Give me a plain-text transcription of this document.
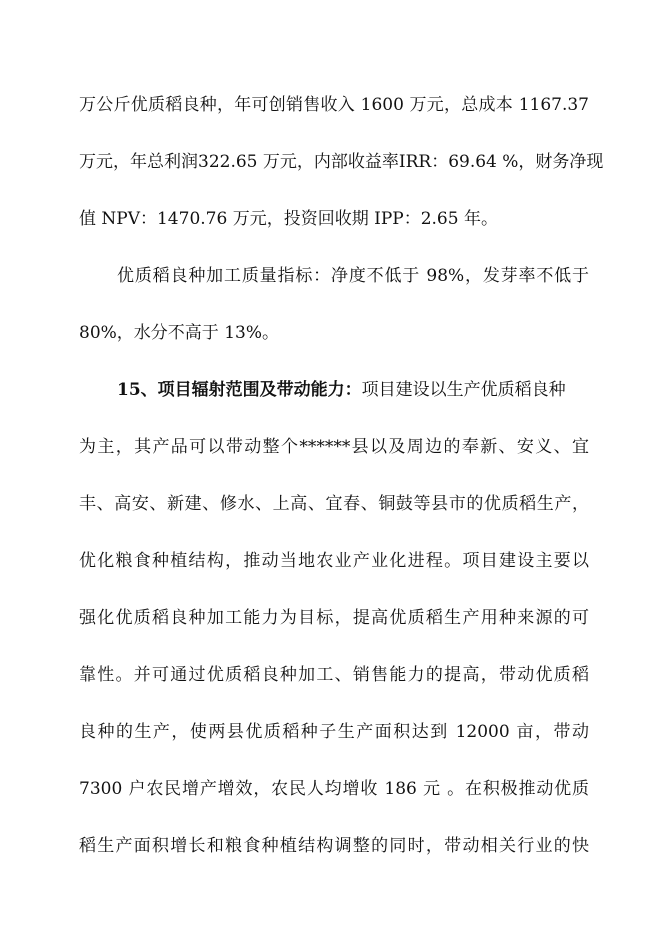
万公斤优质稻良种，年可创销售收入 1600 万元，总成本 1167.37
万元，年总利润322.65 万元，内部收益率IRR：69.64 %，财务净现
值 NPV：1470.76 万元，投资回收期 IPP：2.65 年。
优质稻良种加工质量指标：净度不低于 98%，发芽率不低于
80%，水分不高于 13%。
15、项目辐射范围及带动能力：项目建设以生产优质稻良种
为主，其产品可以带动整个******县以及周边的奉新、安义、宜
丰、高安、新建、修水、上高、宜春、铜鼓等县市的优质稻生产，
优化粮食种植结构，推动当地农业产业化进程。项目建设主要以
强化优质稻良种加工能力为目标，提高优质稻生产用种来源的可
靠性。并可通过优质稻良种加工、销售能力的提高，带动优质稻
良种的生产，使两县优质稻种子生产面积达到 12000 亩，带动
7300 户农民增产增效，农民人均增收 186 元 。在积极推动优质
稻生产面积增长和粮食种植结构调整的同时，带动相关行业的快
